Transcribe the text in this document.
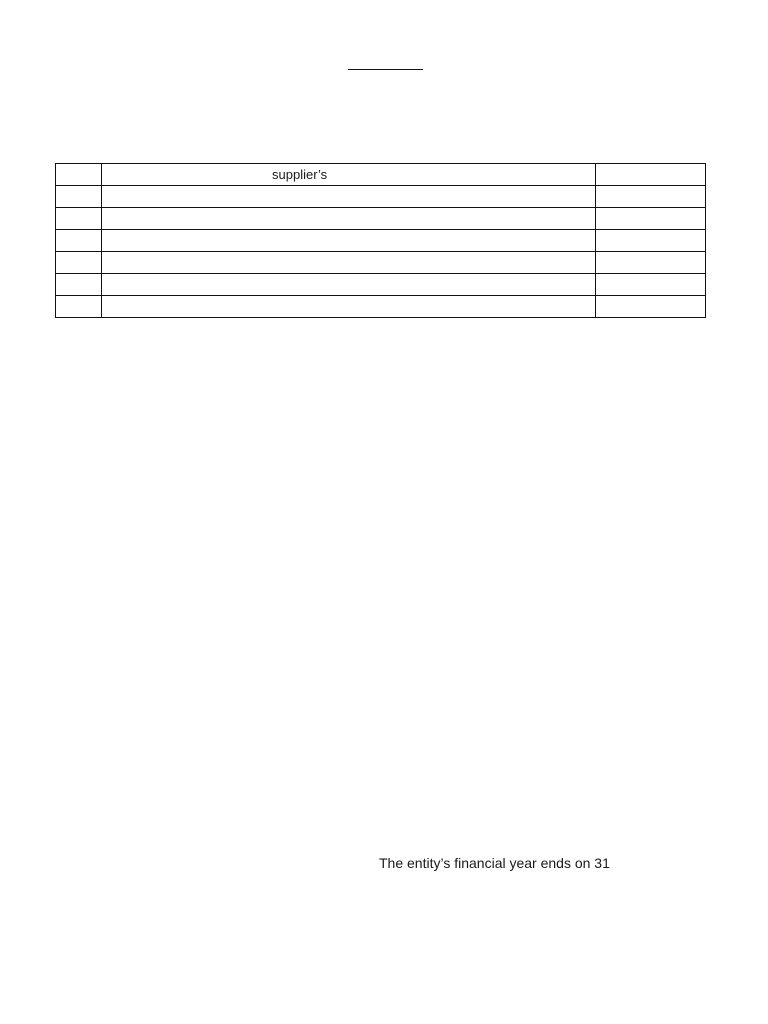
	supplier’s	

The entity’s financial year ends on 31
